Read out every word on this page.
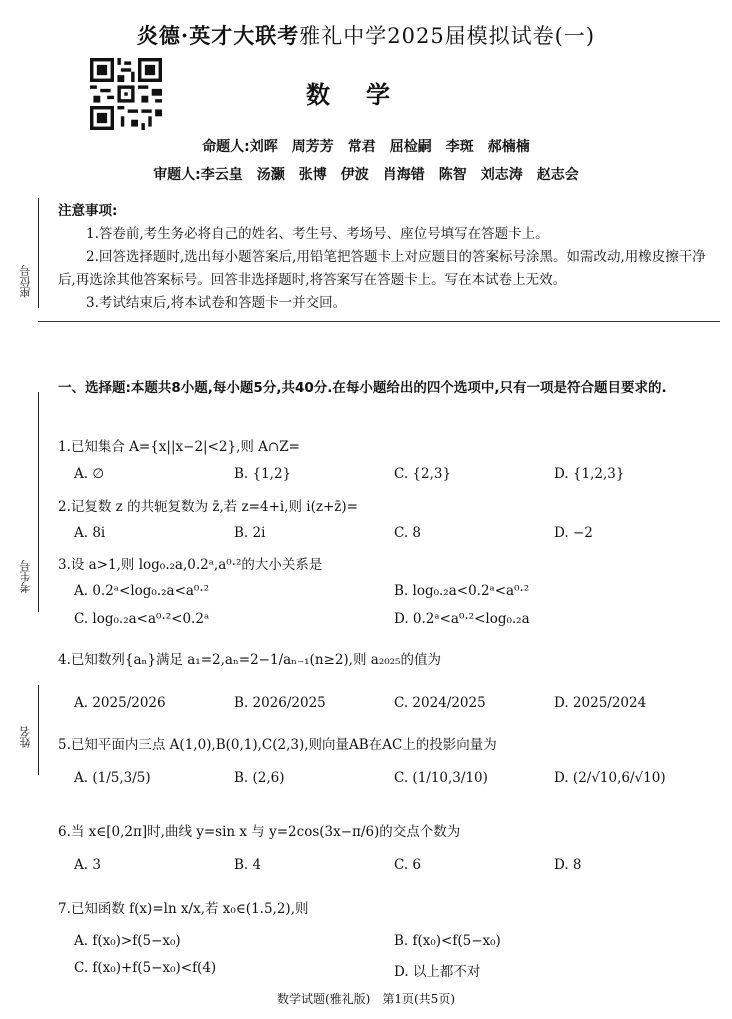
炎德·英才大联考雅礼中学2025届模拟试卷(一)
数学
命题人:刘晖　周芳芳　常君　屈检嗣　李斑　郝楠楠
审题人:李云皇　汤灏　张博　伊波　肖海错　陈智　刘志涛　赵志会
座位号
考生号
姓名
注意事项:

1.答卷前,考生务必将自己的姓名、考生号、考场号、座位号填写在答题卡上。

2.回答选择题时,选出每小题答案后,用铅笔把答题卡上对应题目的答案标号涂黑。如需改动,用橡皮擦干净后,再选涂其他答案标号。回答非选择题时,将答案写在答题卡上。写在本试卷上无效。

3.考试结束后,将本试卷和答题卡一并交回。

一、选择题:本题共8小题,每小题5分,共40分.在每小题给出的四个选项中,只有一项是符合题目要求的.
1.已知集合 A={x||x−2|<2},则 A∩Z=
A. ∅	B. {1,2}	C. {2,3}	D. {1,2,3}
2.记复数 z 的共轭复数为 z̄,若 z=4+i,则 i(z+z̄)=
A. 8i	B. 2i	C. 8	D. −2
3.设 a>1,则 log₀.₂a,0.2ᵃ,a⁰·²的大小关系是
A. 0.2ᵃ<log₀.₂a<a⁰·²	B. log₀.₂a<0.2ᵃ<a⁰·²
C. log₀.₂a<a⁰·²<0.2ᵃ	D. 0.2ᵃ<a⁰·²<log₀.₂a
4.已知数列{aₙ}满足 a₁=2,aₙ=2−1/aₙ₋₁(n≥2),则 a₂₀₂₅的值为
A. 2025/2026	B. 2026/2025	C. 2024/2025	D. 2025/2024
5.已知平面内三点 A(1,0),B(0,1),C(2,3),则向量AB在AC上的投影向量为
A. (1/5,3/5)	B. (2,6)	C. (1/10,3/10)	D. (2/√10,6/√10)
6.当 x∈[0,2π]时,曲线 y=sin x 与 y=2cos(3x−π/6)的交点个数为
A. 3	B. 4	C. 6	D. 8
7.已知函数 f(x)=ln x/x,若 x₀∈(1.5,2),则
A. f(x₀)>f(5−x₀)	B. f(x₀)<f(5−x₀)
C. f(x₀)+f(5−x₀)<f(4)	D. 以上都不对
数学试题(雅礼版)　第1页(共5页)
